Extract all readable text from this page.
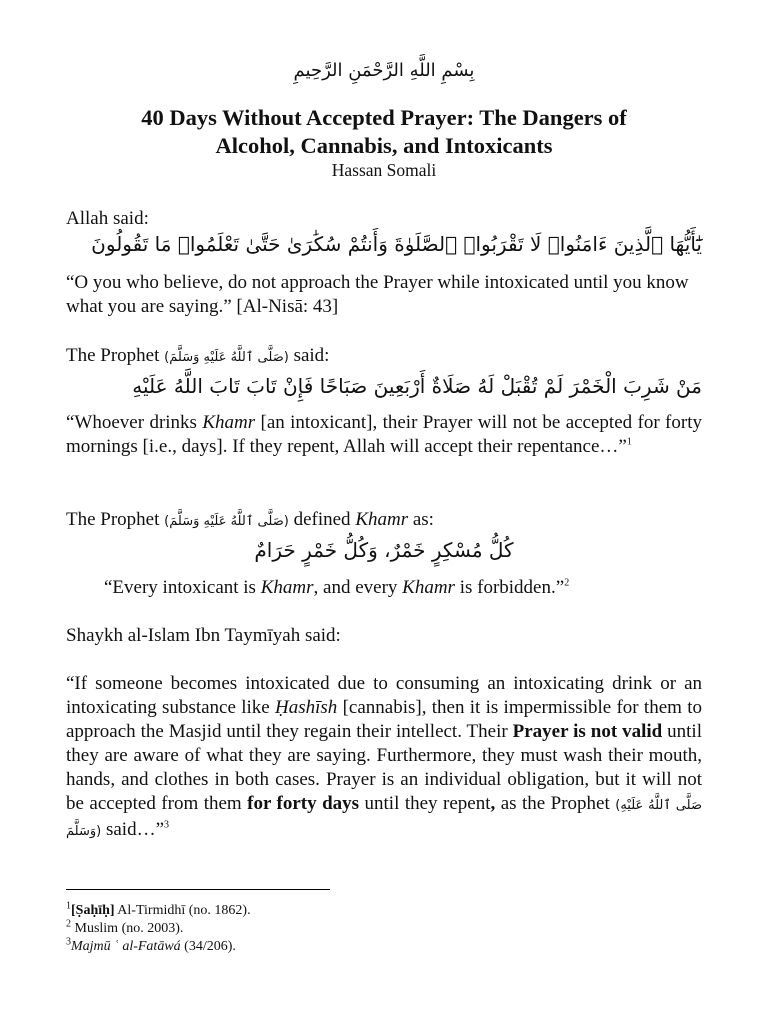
بِسْمِ اللَّهِ الرَّحْمَنِ الرَّحِيمِ
40 Days Without Accepted Prayer: The Dangers of
Alcohol, Cannabis, and Intoxicants
Hassan Somali
Allah said:
يَٰٓأَيُّهَا ٱلَّذِينَ ءَامَنُوا۟ لَا تَقْرَبُوا۟ ٱلصَّلَوٰةَ وَأَنتُمْ سُكَٰرَىٰ حَتَّىٰ تَعْلَمُوا۟ مَا تَقُولُونَ
“O you who believe, do not approach the Prayer while intoxicated until you know what you are saying.” [Al-Nisā: 43]
The Prophet (صَلَّى ٱللَّهُ عَلَيْهِ وَسَلَّمَ) said:
مَنْ شَرِبَ الْخَمْرَ لَمْ تُقْبَلْ لَهُ صَلَاةٌ أَرْبَعِينَ صَبَاحًا فَإِنْ تَابَ تَابَ اللَّهُ عَلَيْهِ
“Whoever drinks Khamr [an intoxicant], their Prayer will not be accepted for forty mornings [i.e., days]. If they repent, Allah will accept their repentance…”$^1$
The Prophet (صَلَّى ٱللَّهُ عَلَيْهِ وَسَلَّمَ) defined Khamr as:
كُلُّ مُسْكِرٍ خَمْرٌ، وَكُلُّ خَمْرٍ حَرَامٌ
“Every intoxicant is Khamr, and every Khamr is forbidden.”$^2$
Shaykh al-Islam Ibn Taymīyah said:
“If someone becomes intoxicated due to consuming an intoxicating drink or an intoxicating substance like Ḥashīsh [cannabis], then it is impermissible for them to approach the Masjid until they regain their intellect. Their Prayer is not valid until they are aware of what they are saying. Furthermore, they must wash their mouth, hands, and clothes in both cases. Prayer is an individual obligation, but it will not be accepted from them for forty days until they repent, as the Prophet (صَلَّى ٱللَّهُ عَلَيْهِ وَسَلَّمَ) said…”$^3$
$^1$[Ṣaḥīḥ] Al-Tirmidhī (no. 1862).
$^2$ Muslim (no. 2003).
$^3$Majmū ʿ al-Fatāwá (34/206).
